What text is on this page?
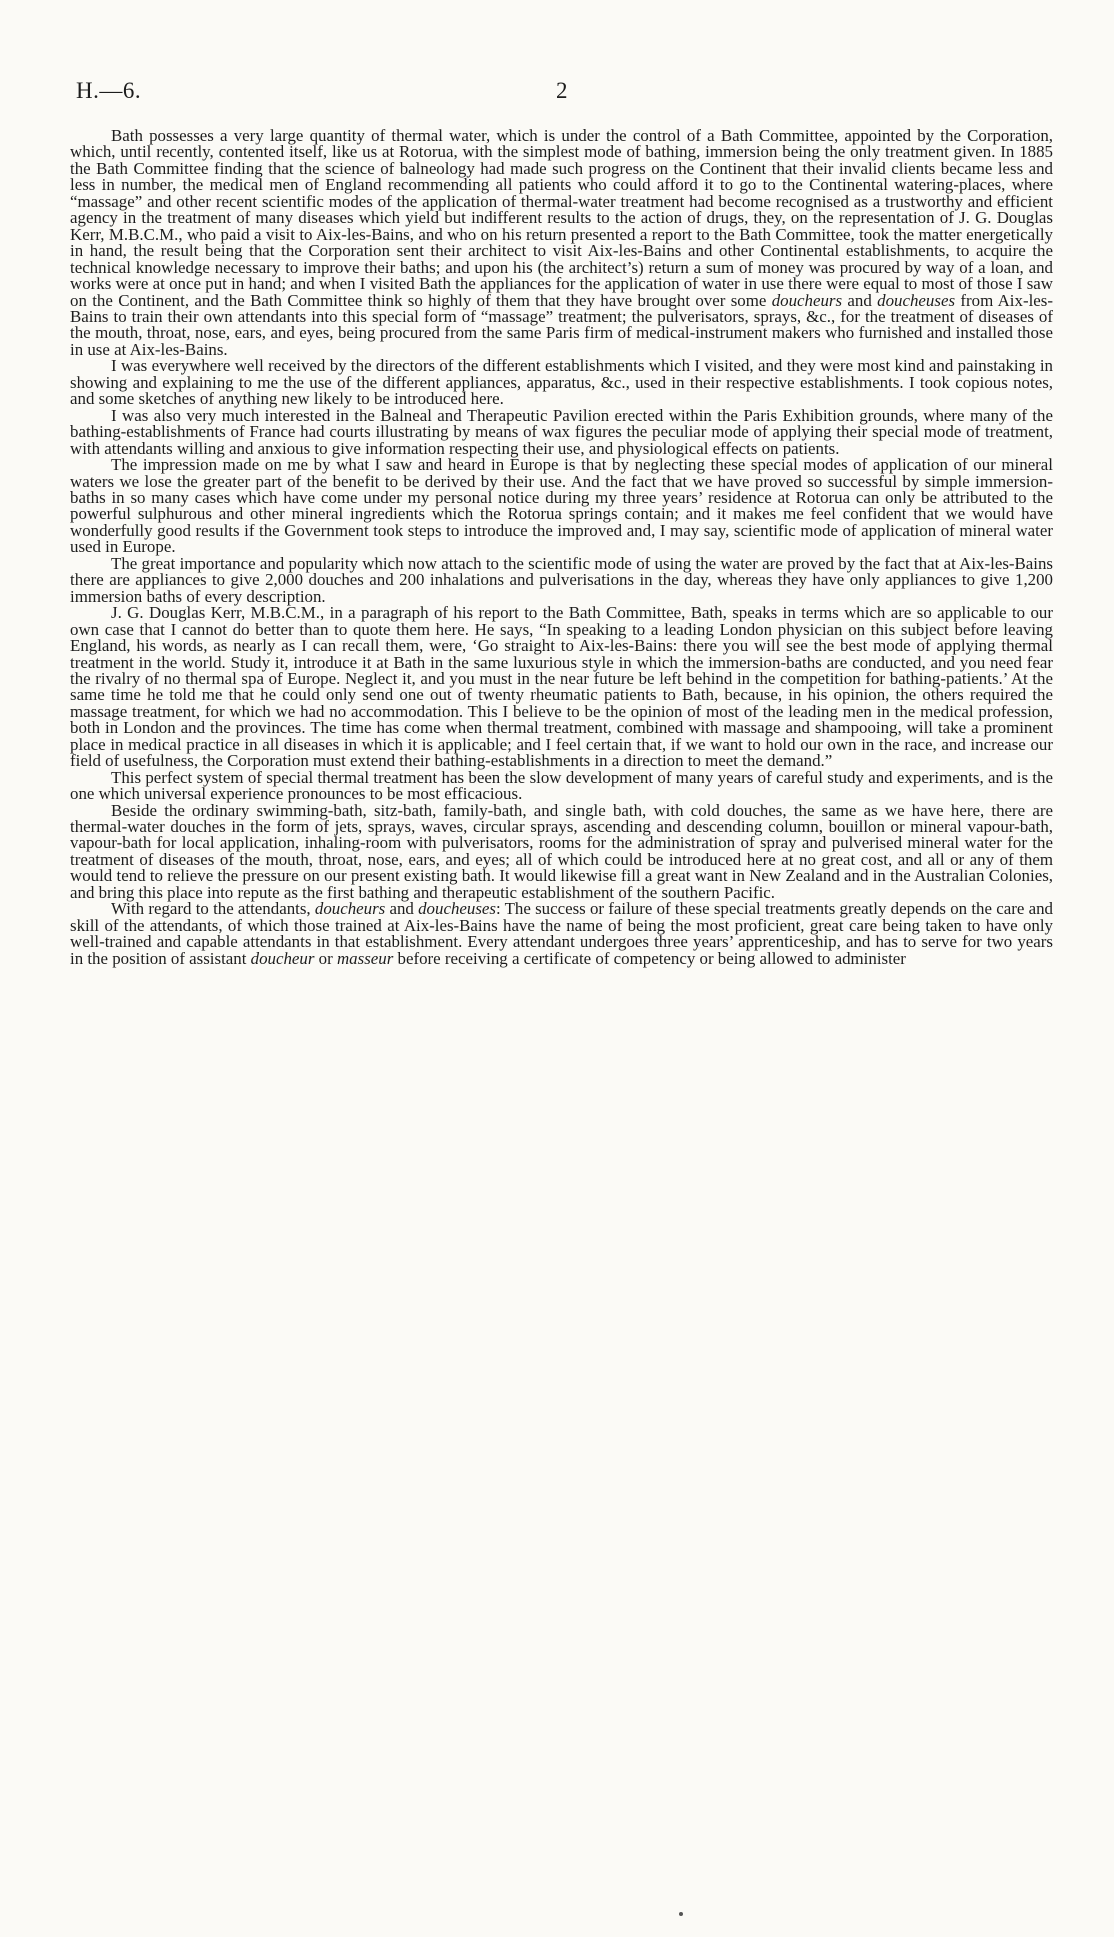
H.—6.	2

Bath possesses a very large quantity of thermal water, which is under the control of a Bath Committee, appointed by the Corporation, which, until recently, contented itself, like us at Rotorua, with the simplest mode of bathing, immersion being the only treatment given. In 1885 the Bath Committee finding that the science of balneology had made such progress on the Continent that their invalid clients became less and less in number, the medical men of England recommending all patients who could afford it to go to the Continental watering-places, where “massage” and other recent scientific modes of the application of thermal-water treatment had become recognised as a trustworthy and efficient agency in the treatment of many diseases which yield but indifferent results to the action of drugs, they, on the representation of J. G. Douglas Kerr, M.B.C.M., who paid a visit to Aix-les-Bains, and who on his return presented a report to the Bath Committee, took the matter energetically in hand, the result being that the Corporation sent their architect to visit Aix-les-Bains and other Continental establishments, to acquire the technical knowledge necessary to improve their baths; and upon his (the architect’s) return a sum of money was procured by way of a loan, and works were at once put in hand; and when I visited Bath the appliances for the application of water in use there were equal to most of those I saw on the Continent, and the Bath Committee think so highly of them that they have brought over some doucheurs and doucheuses from Aix-les-Bains to train their own attendants into this special form of “massage” treatment; the pulverisators, sprays, &c., for the treatment of diseases of the mouth, throat, nose, ears, and eyes, being procured from the same Paris firm of medical-instrument makers who furnished and installed those in use at Aix-les-Bains.

I was everywhere well received by the directors of the different establishments which I visited, and they were most kind and painstaking in showing and explaining to me the use of the different appliances, apparatus, &c., used in their respective establishments. I took copious notes, and some sketches of anything new likely to be introduced here.

I was also very much interested in the Balneal and Therapeutic Pavilion erected within the Paris Exhibition grounds, where many of the bathing-establishments of France had courts illustrating by means of wax figures the peculiar mode of applying their special mode of treatment, with attendants willing and anxious to give information respecting their use, and physiological effects on patients.

The impression made on me by what I saw and heard in Europe is that by neglecting these special modes of application of our mineral waters we lose the greater part of the benefit to be derived by their use. And the fact that we have proved so successful by simple immersion-baths in so many cases which have come under my personal notice during my three years’ residence at Rotorua can only be attributed to the powerful sulphurous and other mineral ingredients which the Rotorua springs contain; and it makes me feel confident that we would have wonderfully good results if the Government took steps to introduce the improved and, I may say, scientific mode of application of mineral water used in Europe.

The great importance and popularity which now attach to the scientific mode of using the water are proved by the fact that at Aix-les-Bains there are appliances to give 2,000 douches and 200 inhalations and pulverisations in the day, whereas they have only appliances to give 1,200 immersion baths of every description.

J. G. Douglas Kerr, M.B.C.M., in a paragraph of his report to the Bath Committee, Bath, speaks in terms which are so applicable to our own case that I cannot do better than to quote them here. He says, “In speaking to a leading London physician on this subject before leaving England, his words, as nearly as I can recall them, were, ‘Go straight to Aix-les-Bains: there you will see the best mode of applying thermal treatment in the world. Study it, introduce it at Bath in the same luxurious style in which the immersion-baths are conducted, and you need fear the rivalry of no thermal spa of Europe. Neglect it, and you must in the near future be left behind in the competition for bathing-patients.’ At the same time he told me that he could only send one out of twenty rheumatic patients to Bath, because, in his opinion, the others required the massage treatment, for which we had no accommodation. This I believe to be the opinion of most of the leading men in the medical profession, both in London and the provinces. The time has come when thermal treatment, combined with massage and shampooing, will take a prominent place in medical practice in all diseases in which it is applicable; and I feel certain that, if we want to hold our own in the race, and increase our field of usefulness, the Corporation must extend their bathing-establishments in a direction to meet the demand.”

This perfect system of special thermal treatment has been the slow development of many years of careful study and experiments, and is the one which universal experience pronounces to be most efficacious.

Beside the ordinary swimming-bath, sitz-bath, family-bath, and single bath, with cold douches, the same as we have here, there are thermal-water douches in the form of jets, sprays, waves, circular sprays, ascending and descending column, bouillon or mineral vapour-bath, vapour-bath for local application, inhaling-room with pulverisators, rooms for the administration of spray and pulverised mineral water for the treatment of diseases of the mouth, throat, nose, ears, and eyes; all of which could be introduced here at no great cost, and all or any of them would tend to relieve the pressure on our present existing bath. It would likewise fill a great want in New Zealand and in the Australian Colonies, and bring this place into repute as the first bathing and therapeutic establishment of the southern Pacific.

With regard to the attendants, doucheurs and doucheuses: The success or failure of these special treatments greatly depends on the care and skill of the attendants, of which those trained at Aix-les-Bains have the name of being the most proficient, great care being taken to have only well-trained and capable attendants in that establishment. Every attendant undergoes three years’ apprenticeship, and has to serve for two years in the position of assistant doucheur or masseur before receiving a certificate of competency or being allowed to administer
